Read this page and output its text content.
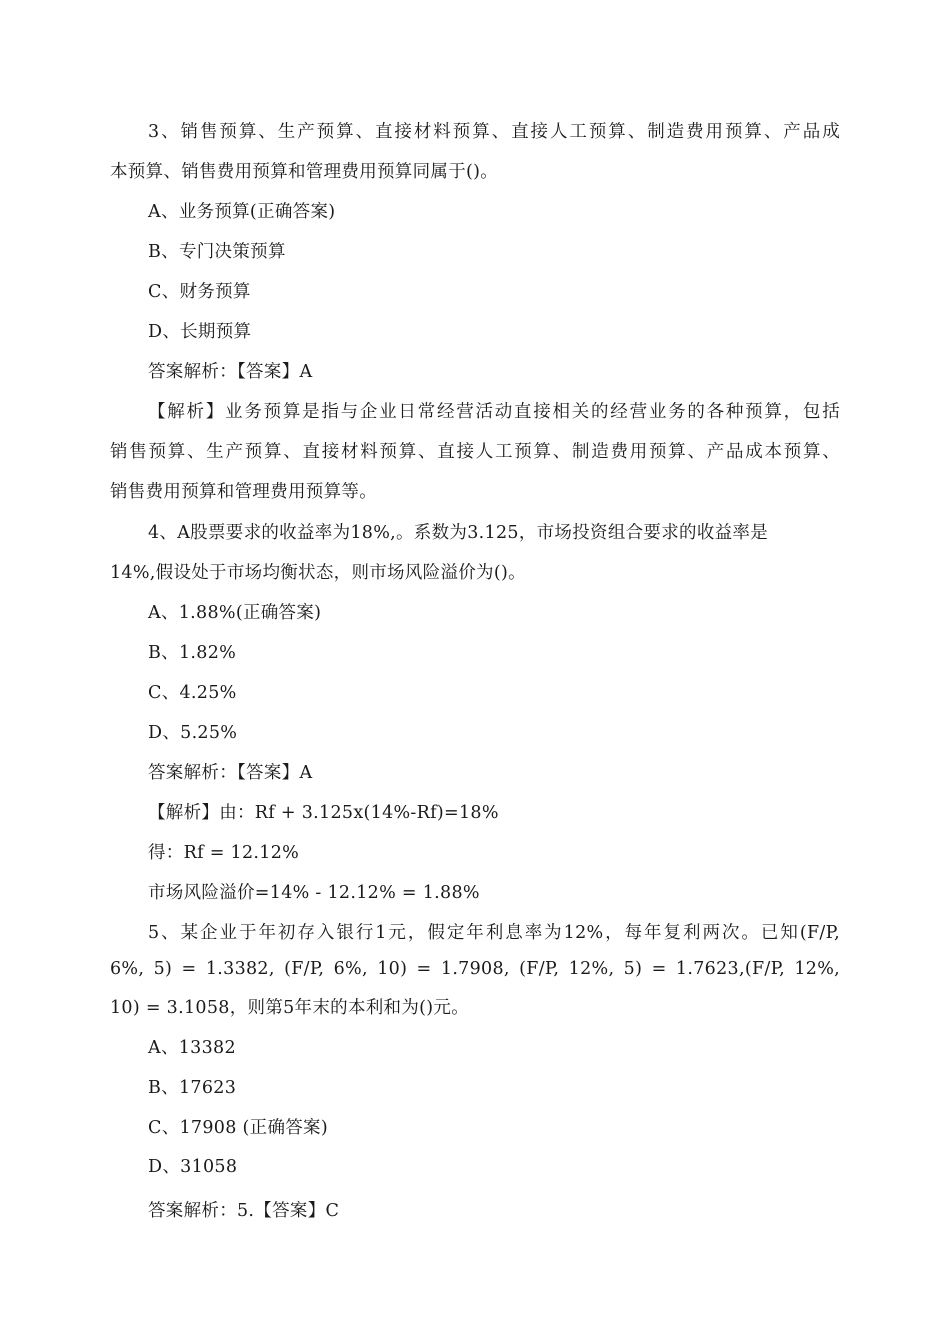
3、销售预算、生产预算、直接材料预算、直接人工预算、制造费用预算、产品成
本预算、销售费用预算和管理费用预算同属于()。
A、业务预算(正确答案)
B、专门决策预算
C、财务预算
D、长期预算
答案解析：【答案】A
【解析】业务预算是指与企业日常经营活动直接相关的经营业务的各种预算，包括
销售预算、生产预算、直接材料预算、直接人工预算、制造费用预算、产品成本预算、
销售费用预算和管理费用预算等。
4、A股票要求的收益率为18%,。系数为3.125，市场投资组合要求的收益率是
14%,假设处于市场均衡状态，则市场风险溢价为()。
A、1.88%(正确答案)
B、1.82%
C、4.25%
D、5.25%
答案解析：【答案】A
【解析】由：Rf + 3.125x(14%-Rf)=18%
得：Rf = 12.12%
市场风险溢价=14% - 12.12% = 1.88%
5、某企业于年初存入银行1元，假定年利息率为12%，每年复利两次。已知(F/P,
6%, 5) = 1.3382, (F/P, 6%, 10) = 1.7908, (F/P, 12%, 5) = 1.7623,(F/P, 12%,
10) = 3.1058，则第5年末的本利和为()元。
A、13382
B、17623
C、17908 (正确答案)
D、31058
答案解析：5.【答案】C
